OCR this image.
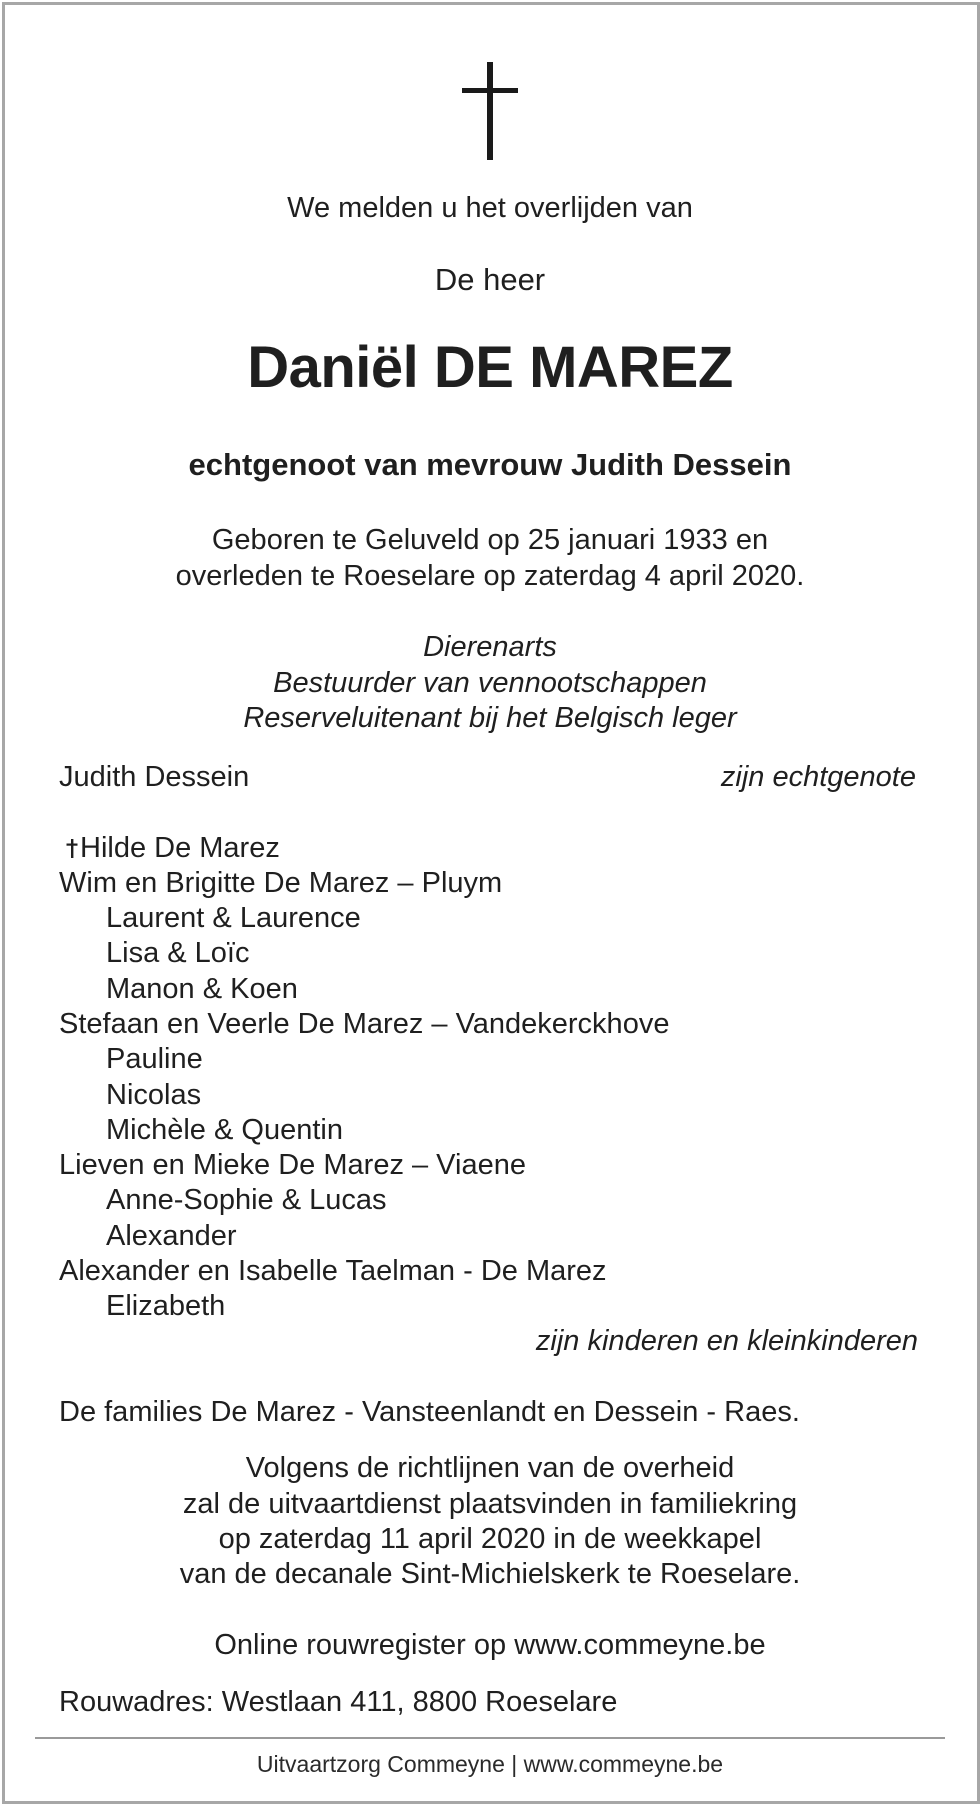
We melden u het overlijden van
De heer
Daniël DE MAREZ
echtgenoot van mevrouw Judith Dessein
Geboren te Geluveld op 25 januari 1933 en
overleden te Roeselare op zaterdag 4 april 2020.
Dierenarts
Bestuurder van vennootschappen
Reserveluitenant bij het Belgisch leger
Judith Dessein	zijn echtgenote
Hilde De Marez
Wim en Brigitte De Marez – Pluym
Laurent & Laurence
Lisa & Loïc
Manon & Koen
Stefaan en Veerle De Marez – Vandekerckhove
Pauline
Nicolas
Michèle & Quentin
Lieven en Mieke De Marez – Viaene
Anne-Sophie & Lucas
Alexander
Alexander en Isabelle Taelman - De Marez
Elizabeth
zijn kinderen en kleinkinderen
De families De Marez - Vansteenlandt en Dessein - Raes.
Volgens de richtlijnen van de overheid
zal de uitvaartdienst plaatsvinden in familiekring
op zaterdag 11 april 2020 in de weekkapel
van de decanale Sint-Michielskerk te Roeselare.
Online rouwregister op www.commeyne.be
Rouwadres: Westlaan 411, 8800 Roeselare
Uitvaartzorg Commeyne | www.commeyne.be
